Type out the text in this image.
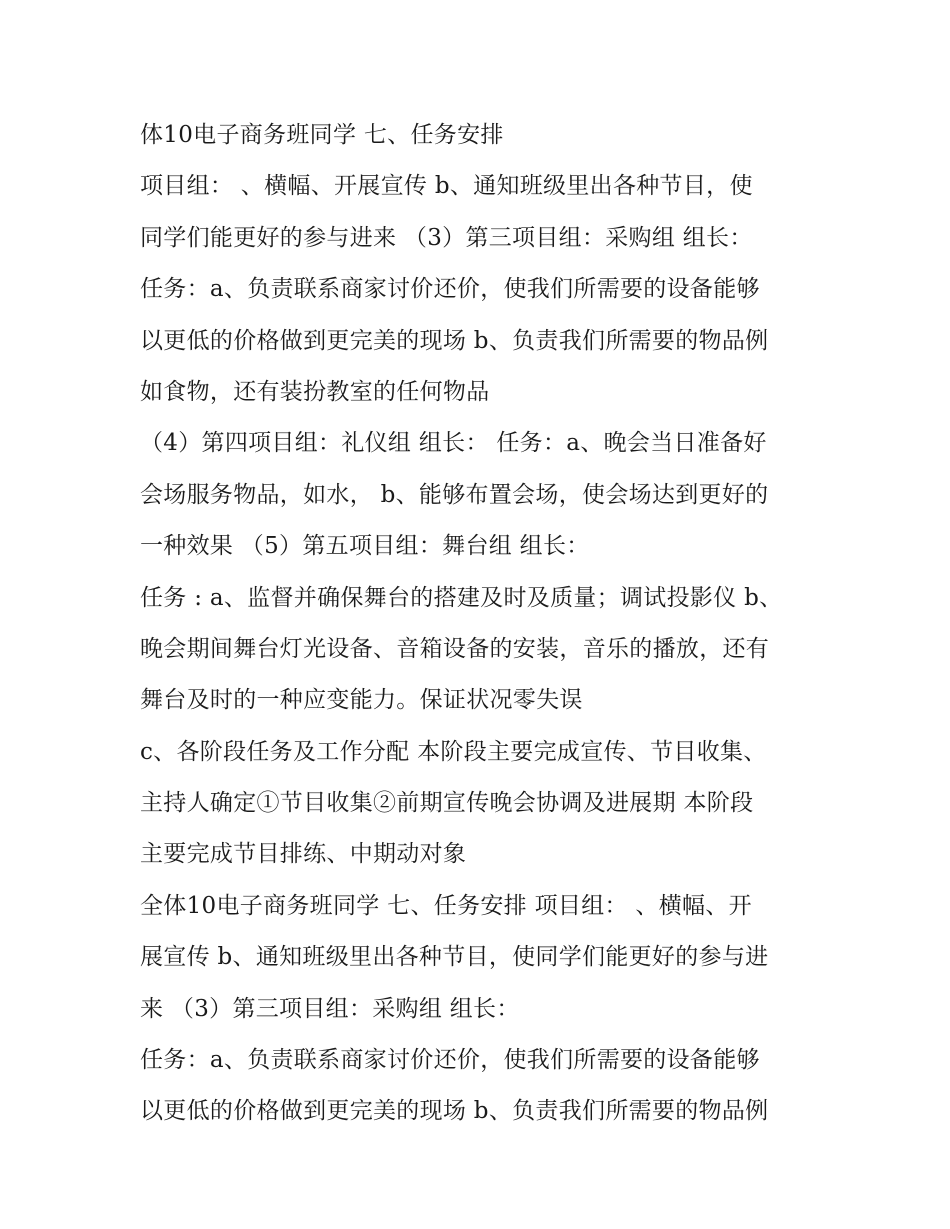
体10电子商务班同学 七、任务安排
项目组： 、横幅、开展宣传 b、通知班级里出各种节目，使
同学们能更好的参与进来 （3）第三项目组：采购组 组长：
任务：a、负责联系商家讨价还价，使我们所需要的设备能够
以更低的价格做到更完美的现场 b、负责我们所需要的物品例
如食物，还有装扮教室的任何物品
（4）第四项目组：礼仪组 组长： 任务：a、晚会当日准备好
会场服务物品，如水， b、能够布置会场，使会场达到更好的
一种效果 （5）第五项目组：舞台组 组长：
任务 : a、监督并确保舞台的搭建及时及质量；调试投影仪 b、
晚会期间舞台灯光设备、音箱设备的安装，音乐的播放，还有
舞台及时的一种应变能力。保证状况零失误
c、各阶段任务及工作分配 本阶段主要完成宣传、节目收集、
主持人确定①节目收集②前期宣传晚会协调及进展期 本阶段
主要完成节目排练、中期动对象
全体10电子商务班同学 七、任务安排 项目组： 、横幅、开
展宣传 b、通知班级里出各种节目，使同学们能更好的参与进
来 （3）第三项目组：采购组 组长：
任务：a、负责联系商家讨价还价，使我们所需要的设备能够
以更低的价格做到更完美的现场 b、负责我们所需要的物品例
